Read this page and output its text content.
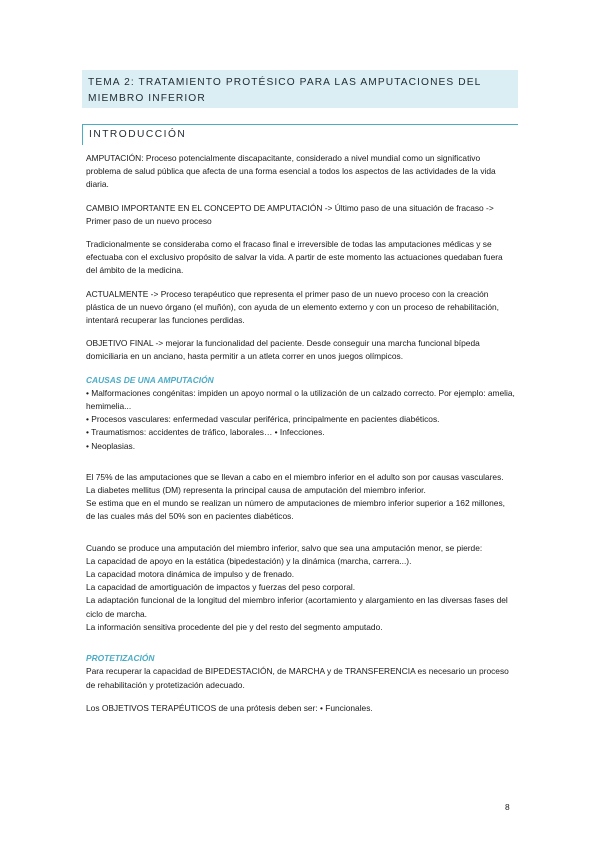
TEMA 2: TRATAMIENTO PROTÉSICO PARA LAS AMPUTACIONES DEL MIEMBRO INFERIOR
INTRODUCCIÓN

AMPUTACIÓN: Proceso potencialmente discapacitante, considerado a nivel mundial como un significativo problema de salud pública que afecta de una forma esencial a todos los aspectos de las actividades de la vida diaria.

CAMBIO IMPORTANTE EN EL CONCEPTO DE AMPUTACIÓN -> Último paso de una situación de fracaso -> Primer paso de un nuevo proceso

Tradicionalmente se consideraba como el fracaso final e irreversible de todas las amputaciones médicas y se efectuaba con el exclusivo propósito de salvar la vida. A partir de este momento las actuaciones quedaban fuera del ámbito de la medicina.

ACTUALMENTE -> Proceso terapéutico que representa el primer paso de un nuevo proceso con la creación plástica de un nuevo órgano (el muñón), con ayuda de un elemento externo y con un proceso de rehabilitación, intentará recuperar las funciones perdidas.

OBJETIVO FINAL -> mejorar la funcionalidad del paciente. Desde conseguir una marcha funcional bípeda domiciliaria en un anciano, hasta permitir a un atleta correr en unos juegos olímpicos.

CAUSAS DE UNA AMPUTACIÓN

• Malformaciones congénitas: impiden un apoyo normal o la utilización de un calzado correcto. Por ejemplo: amelia, hemimelia...

• Procesos vasculares: enfermedad vascular periférica, principalmente en pacientes diabéticos.

• Traumatismos: accidentes de tráfico, laborales… • Infecciones.

• Neoplasias.

El 75% de las amputaciones que se llevan a cabo en el miembro inferior en el adulto son por causas vasculares.

La diabetes mellitus (DM) representa la principal causa de amputación del miembro inferior.

Se estima que en el mundo se realizan un número de amputaciones de miembro inferior superior a 162 millones, de las cuales más del 50% son en pacientes diabéticos.

Cuando se produce una amputación del miembro inferior, salvo que sea una amputación menor, se pierde:

La capacidad de apoyo en la estática (bipedestación) y la dinámica (marcha, carrera...).

La capacidad motora dinámica de impulso y de frenado.

La capacidad de amortiguación de impactos y fuerzas del peso corporal.

La adaptación funcional de la longitud del miembro inferior (acortamiento y alargamiento en las diversas fases del ciclo de marcha.

La información sensitiva procedente del pie y del resto del segmento amputado.

PROTETIZACIÓN

Para recuperar la capacidad de BIPEDESTACIÓN, de MARCHA y de TRANSFERENCIA es necesario un proceso de rehabilitación y protetización adecuado.

Los OBJETIVOS TERAPÉUTICOS de una prótesis deben ser: • Funcionales.

8
